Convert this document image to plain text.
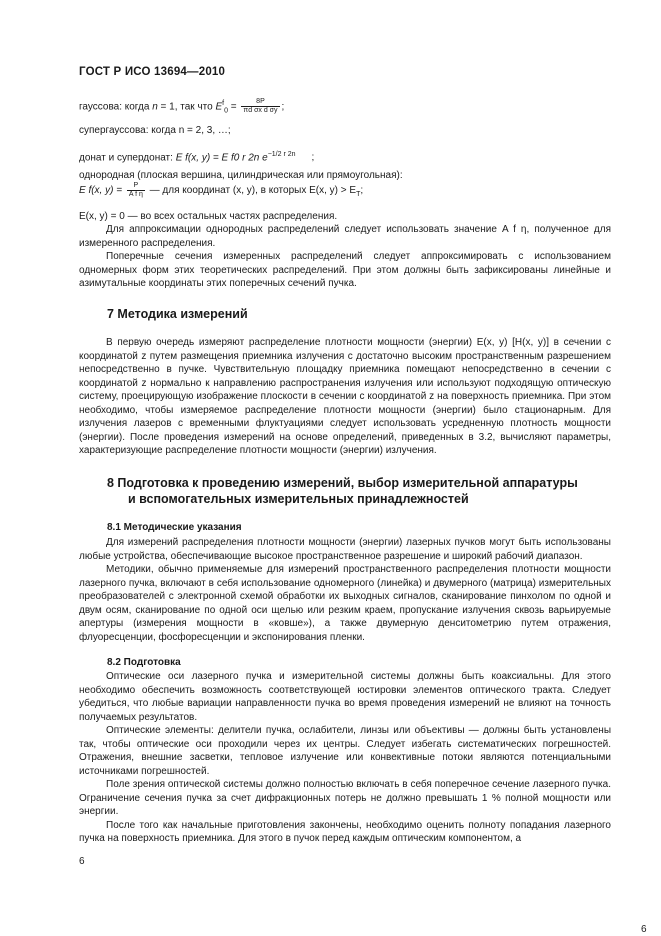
ГОСТ Р ИСО 13694—2010
гауссова: когда n = 1, так что $E^f_0 = \frac{8P}{\text{πd σx d σy}}$ ;
супергауссова: когда n = 2, 3, …;
донат и супердонат: E f(x, y) = E f0 r 2n $e^{-1/2 r 2n}$ ;
однородная (плоская вершина, цилиндрическая или прямоугольная):
E f(x, $y) = \frac{P}{\text{A f η}}$ — для координат (x, y), в которых E(x, $y) > E_T$;
E(x, y) = 0 — во всех остальных частях распределения.

Для аппроксимации однородных распределений следует использовать значение A f η, полученное для измеренного распределения.

Поперечные сечения измеренных распределений следует аппроксимировать с использованием одномерных форм этих теоретических распределений. При этом должны быть зафиксированы линейные и азимутальные координаты этих поперечных сечений пучка.

7 Методика измерений

В первую очередь измеряют распределение плотности мощности (энергии) E(x, y) [H(x, y)] в сечении с координатой z путем размещения приемника излучения с достаточно высоким пространственным разрешением непосредственно в пучке. Чувствительную площадку приемника помещают непосредственно в сечении с координатой z нормально к направлению распространения излучения или используют подходящую оптическую систему, проецирующую изображение плоскости в сечении с координатой z на поверхность приемника. При этом необходимо, чтобы измеряемое распределение плотности мощности (энергии) было стационарным. Для излучения лазеров с временными флуктуациями следует использовать усредненную плотность мощности (энергии). После проведения измерений на основе определений, приведенных в 3.2, вычисляют параметры, характеризующие распределение плотности мощности (энергии) излучения.

8 Подготовка к проведению измерений, выбор измерительной аппаратуры
и вспомогательных измерительных принадлежностей
8.1 Методические указания

Для измерений распределения плотности мощности (энергии) лазерных пучков могут быть использованы любые устройства, обеспечивающие высокое пространственное разрешение и широкий рабочий диапазон.

Методики, обычно применяемые для измерений пространственного распределения плотности мощности лазерного пучка, включают в себя использование одномерного (линейка) и двумерного (матрица) измерительных преобразователей с электронной схемой обработки их выходных сигналов, сканирование пинхолом по одной и двум осям, сканирование по одной оси щелью или резким краем, пропускание излучения сквозь варьируемые апертуры (измерения мощности в «ковше»), а также двумерную денситометрию путем отражения, флуоресценции, фосфоресценции и экспонирования пленки.

8.2 Подготовка

Оптические оси лазерного пучка и измерительной системы должны быть коаксиальны. Для этого необходимо обеспечить возможность соответствующей юстировки элементов оптического тракта. Следует убедиться, что любые вариации направленности пучка во время проведения измерений не влияют на точность получаемых результатов.

Оптические элементы: делители пучка, ослабители, линзы или объективы — должны быть установлены так, чтобы оптические оси проходили через их центры. Следует избегать систематических погрешностей. Отражения, внешние засветки, тепловое излучение или конвективные потоки являются потенциальными источниками погрешностей.

Поле зрения оптической системы должно полностью включать в себя поперечное сечение лазерного пучка. Ограничение сечения пучка за счет дифракционных потерь не должно превышать 1 % полной мощности или энергии.

После того как начальные приготовления закончены, необходимо оценить полноту попадания лазерного пучка на поверхность приемника. Для этого в пучок перед каждым оптическим компонентом, а

6
6
